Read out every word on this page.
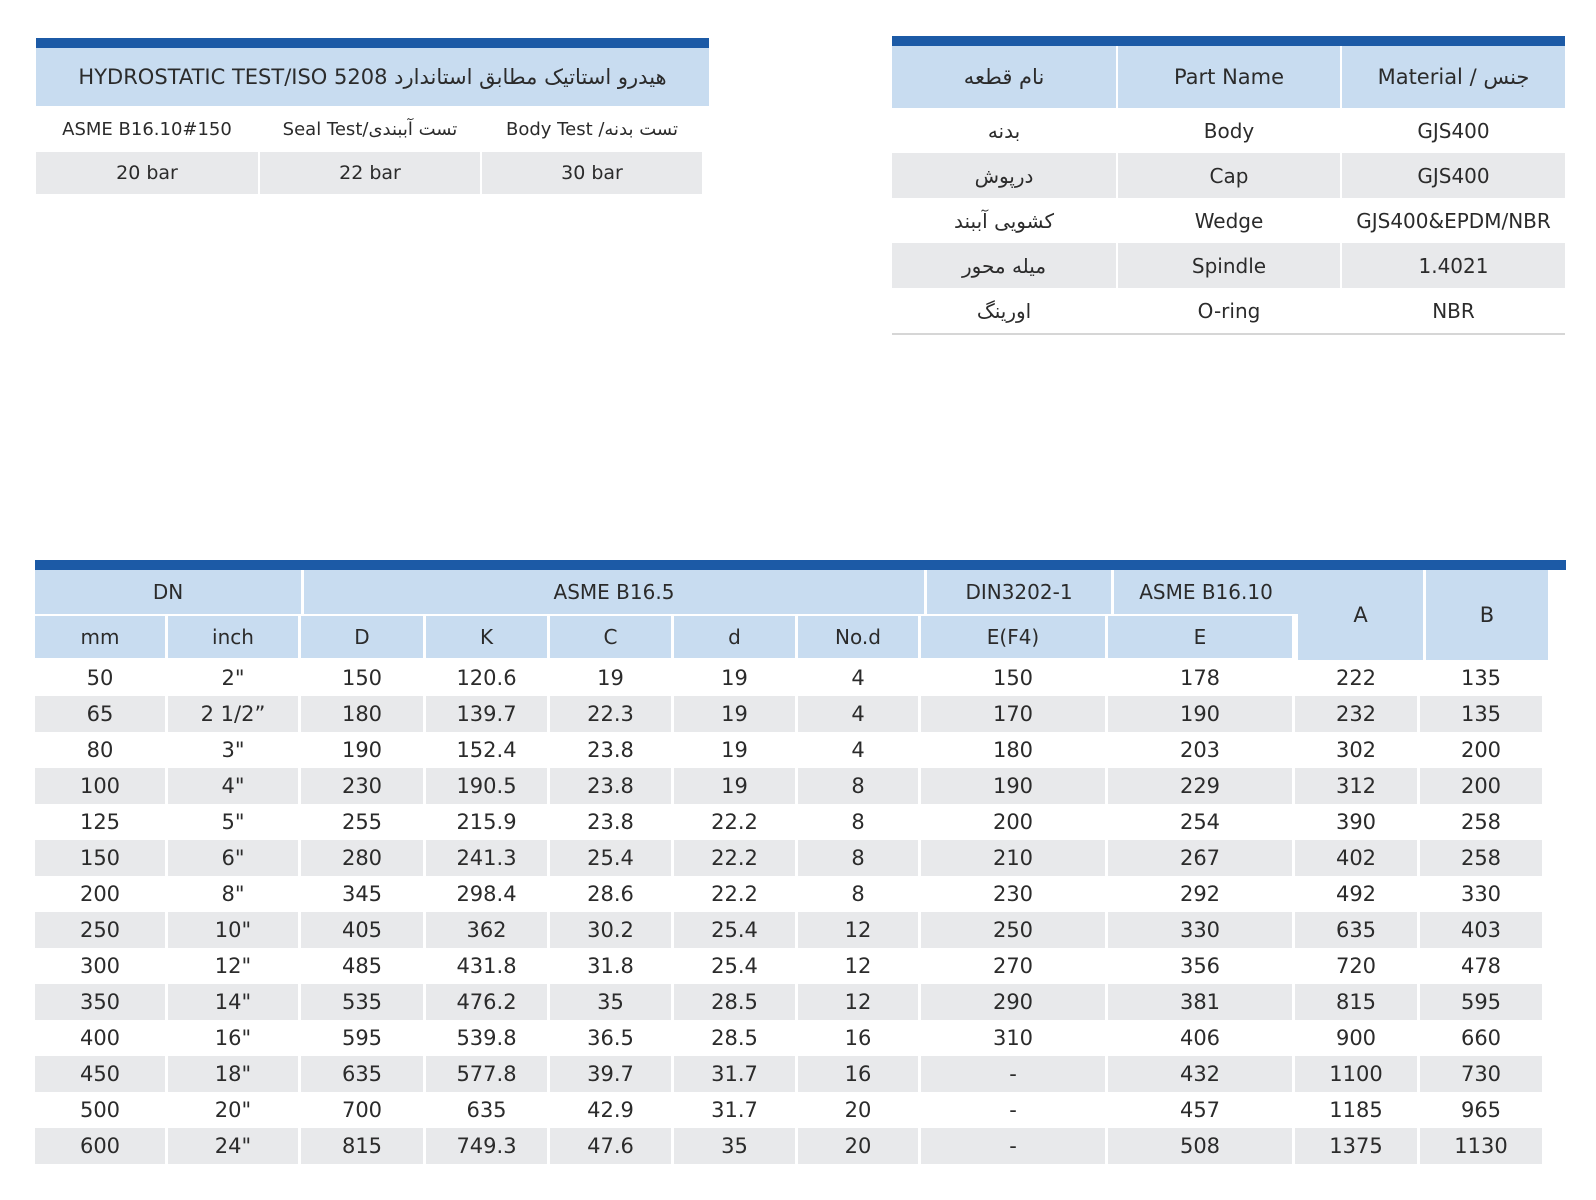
هیدرو استاتیک مطابق استاندارد HYDROSTATIC TEST/ISO 5208
ASME B16.10#150	تست آببندی/Seal Test	تست بدنه/ Body Test
20 bar	22 bar	30 bar
نام قطعه	Part Name	جنس / Material
بدنه	Body	GJS400
درپوش	Cap	GJS400
کشویی آببند	Wedge	GJS400&EPDM/NBR
میله محور	Spindle	1.4021
اورینگ	O-ring	NBR
DN	ASME B16.5	DIN3202-1	ASME B16.10
mm	inch	D	K	C	d	No.d	E(F4)	E
A	B
50	2"	150	120.6	19	19	4	150	178	222	135
65	2 1/2”	180	139.7	22.3	19	4	170	190	232	135
80	3"	190	152.4	23.8	19	4	180	203	302	200
100	4"	230	190.5	23.8	19	8	190	229	312	200
125	5"	255	215.9	23.8	22.2	8	200	254	390	258
150	6"	280	241.3	25.4	22.2	8	210	267	402	258
200	8"	345	298.4	28.6	22.2	8	230	292	492	330
250	10"	405	362	30.2	25.4	12	250	330	635	403
300	12"	485	431.8	31.8	25.4	12	270	356	720	478
350	14"	535	476.2	35	28.5	12	290	381	815	595
400	16"	595	539.8	36.5	28.5	16	310	406	900	660
450	18"	635	577.8	39.7	31.7	16	-	432	1100	730
500	20"	700	635	42.9	31.7	20	-	457	1185	965
600	24"	815	749.3	47.6	35	20	-	508	1375	1130
